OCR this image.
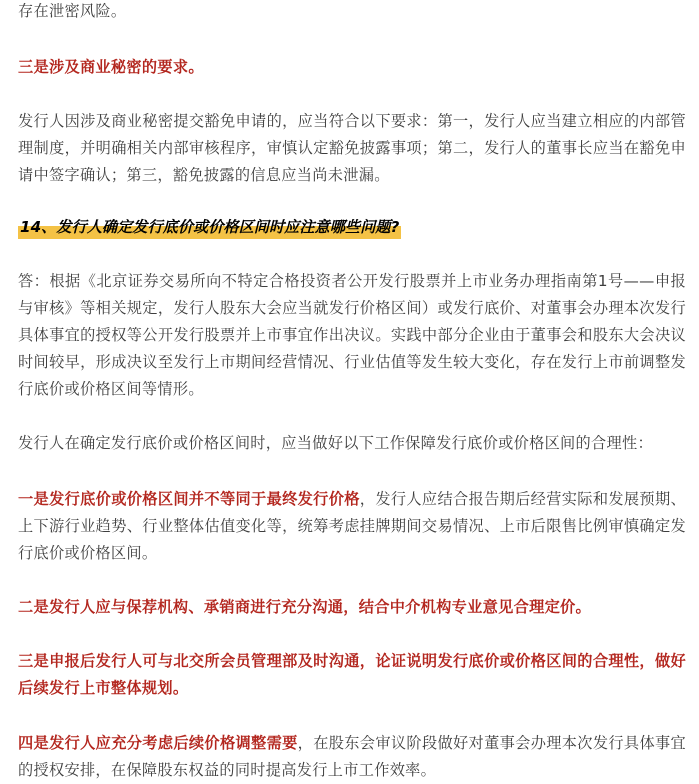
存在泄密风险。

三是涉及商业秘密的要求。

发行人因涉及商业秘密提交豁免申请的，应当符合以下要求：第一，发行人应当建立相应的内部管理制度，并明确相关内部审核程序，审慎认定豁免披露事项；第二，发行人的董事长应当在豁免申请中签字确认；第三，豁免披露的信息应当尚未泄漏。

14、发行人确定发行底价或价格区间时应注意哪些问题?

答：根据《北京证券交易所向不特定合格投资者公开发行股票并上市业务办理指南第1号——申报与审核》等相关规定，发行人股东大会应当就发行价格区间）或发行底价、对董事会办理本次发行具体事宜的授权等公开发行股票并上市事宜作出决议。实践中部分企业由于董事会和股东大会决议时间较早，形成决议至发行上市期间经营情况、行业估值等发生较大变化，存在发行上市前调整发行底价或价格区间等情形。

发行人在确定发行底价或价格区间时，应当做好以下工作保障发行底价或价格区间的合理性：

一是发行底价或价格区间并不等同于最终发行价格，发行人应结合报告期后经营实际和发展预期、上下游行业趋势、行业整体估值变化等，统筹考虑挂牌期间交易情况、上市后限售比例审慎确定发行底价或价格区间。

二是发行人应与保荐机构、承销商进行充分沟通，结合中介机构专业意见合理定价。

三是申报后发行人可与北交所会员管理部及时沟通，论证说明发行底价或价格区间的合理性，做好后续发行上市整体规划。

四是发行人应充分考虑后续价格调整需要，在股东会审议阶段做好对董事会办理本次发行具体事宜的授权安排，在保障股东权益的同时提高发行上市工作效率。
